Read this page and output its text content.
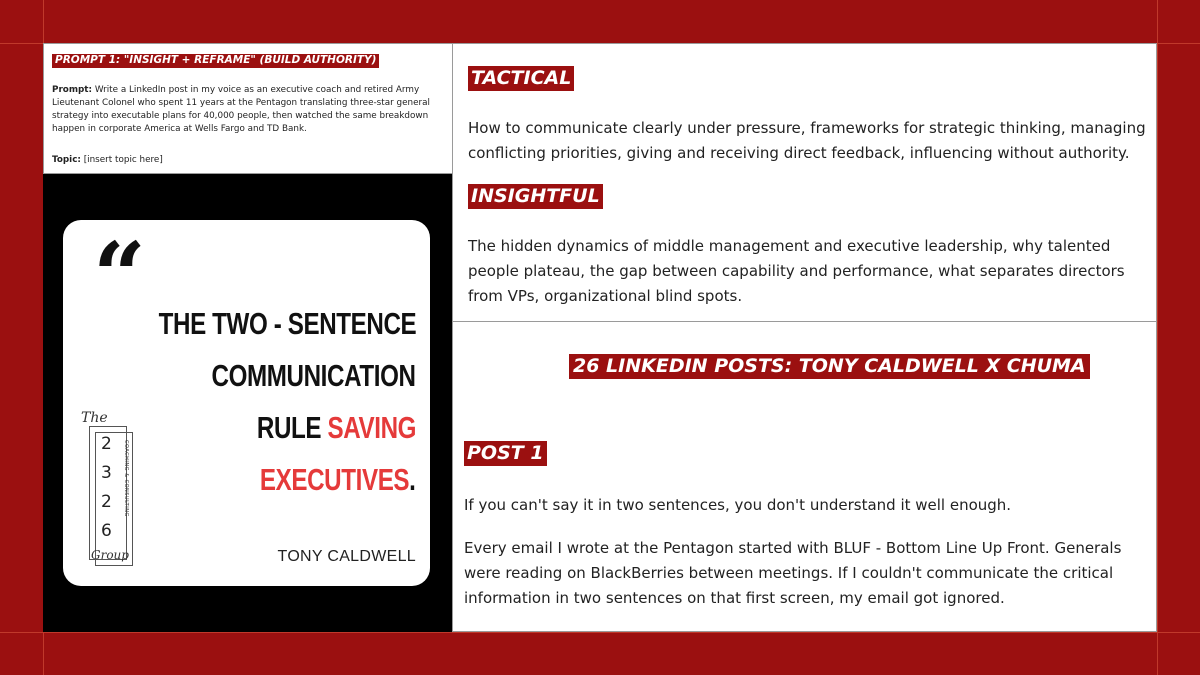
PROMPT 1: "INSIGHT + REFRAME" (BUILD AUTHORITY)
Prompt: Write a LinkedIn post in my voice as an executive coach and retired Army Lieutenant Colonel who spent 11 years at the Pentagon translating three-star general strategy into executable plans for 40,000 people, then watched the same breakdown happen in corporate America at Wells Fargo and TD Bank.
Topic: [insert topic here]
“ THE TWO - SENTENCE
COMMUNICATION
RULE SAVING
EXECUTIVES.
The
2
3
2
6
COACHING & CONSULTING
Group	TONY CALDWELL
TACTICAL
How to communicate clearly under pressure, frameworks for strategic thinking, managing conflicting priorities, giving and receiving direct feedback, influencing without authority.
INSIGHTFUL
The hidden dynamics of middle management and executive leadership, why talented people plateau, the gap between capability and performance, what separates directors from VPs, organizational blind spots.
26 LINKEDIN POSTS: TONY CALDWELL X CHUMA
POST 1
If you can't say it in two sentences, you don't understand it well enough.
Every email I wrote at the Pentagon started with BLUF - Bottom Line Up Front. Generals were reading on BlackBerries between meetings. If I couldn't communicate the critical information in two sentences on that first screen, my email got ignored.
